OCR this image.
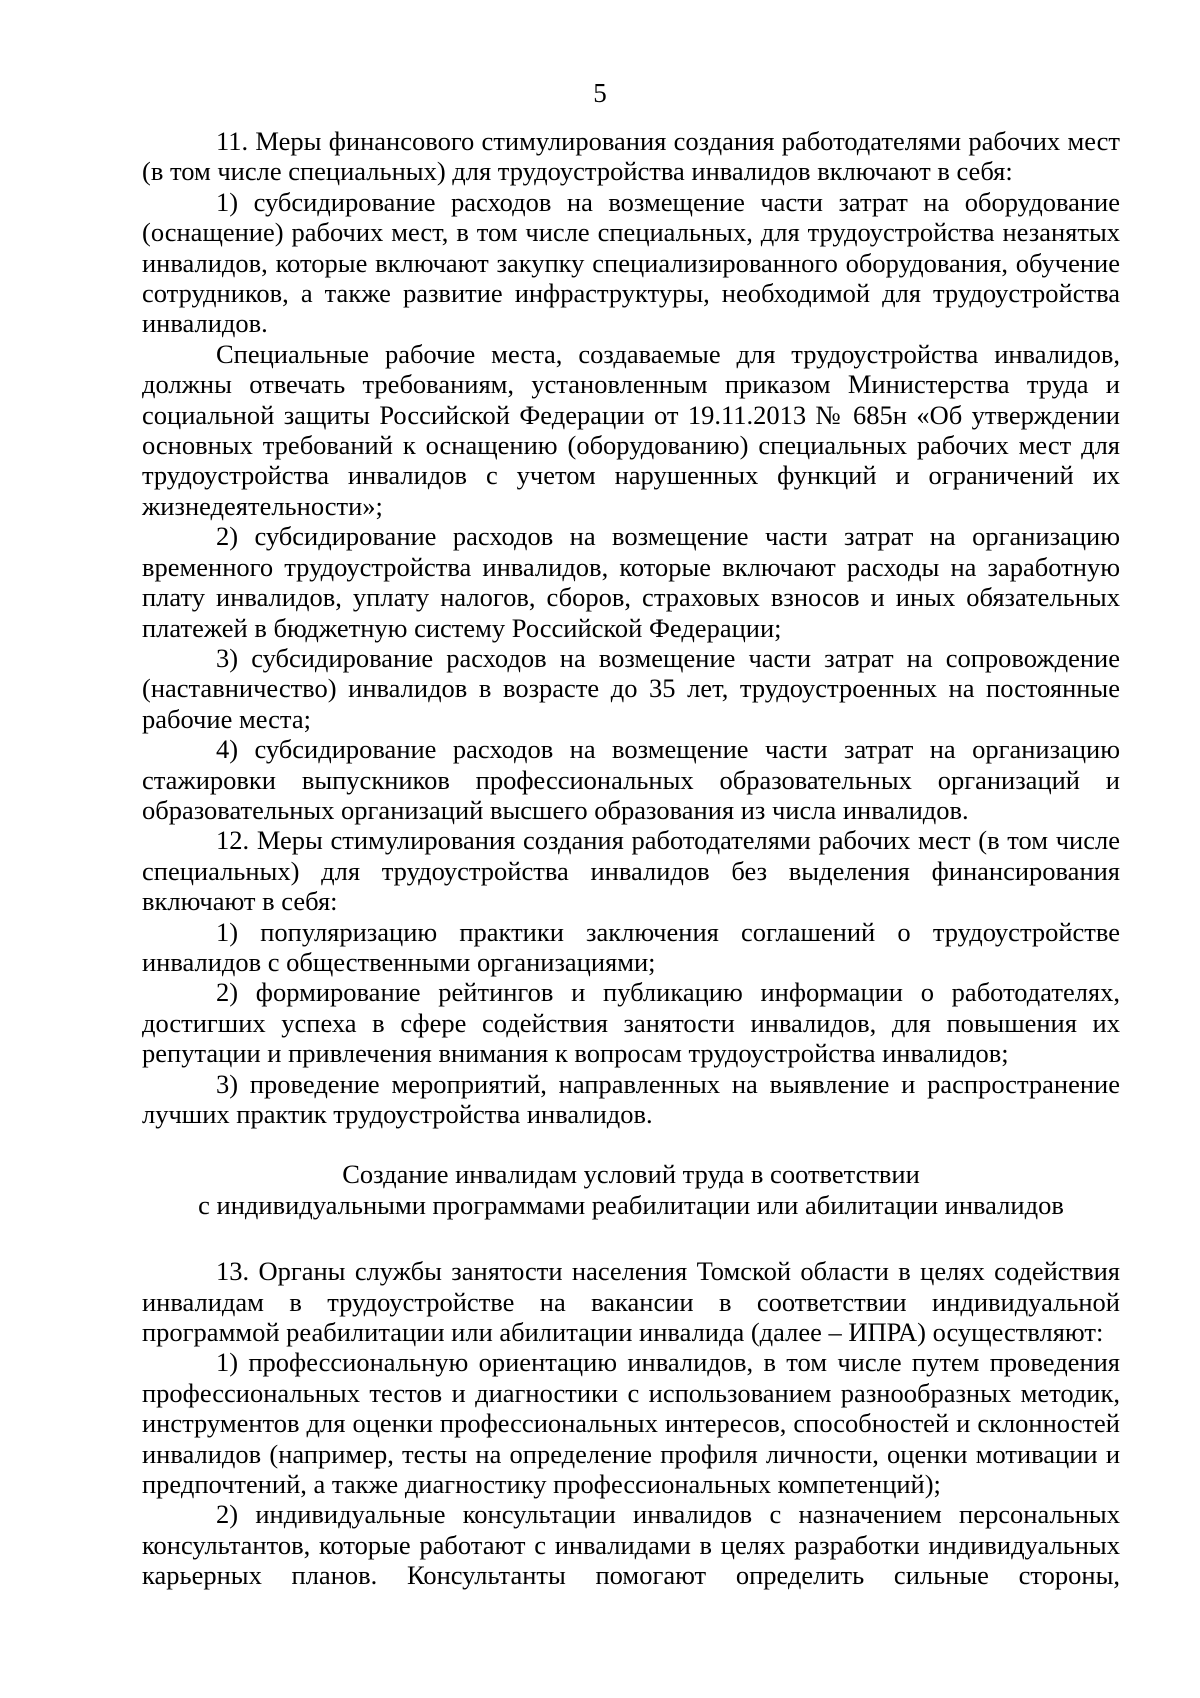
5

11. Меры финансового стимулирования создания работодателями рабочих мест (в том числе специальных) для трудоустройства инвалидов включают в себя:

1) субсидирование расходов на возмещение части затрат на оборудование (оснащение) рабочих мест, в том числе специальных, для трудоустройства незанятых инвалидов, которые включают закупку специализированного оборудования, обучение сотрудников, а также развитие инфраструктуры, необходимой для трудоустройства инвалидов.

Специальные рабочие места, создаваемые для трудоустройства инвалидов, должны отвечать требованиям, установленным приказом Министерства труда и социальной защиты Российской Федерации от 19.11.2013 № 685н «Об утверждении основных требований к оснащению (оборудованию) специальных рабочих мест для трудоустройства инвалидов с учетом нарушенных функций и ограничений их жизнедеятельности»;

2) субсидирование расходов на возмещение части затрат на организацию временного трудоустройства инвалидов, которые включают расходы на заработную плату инвалидов, уплату налогов, сборов, страховых взносов и иных обязательных платежей в бюджетную систему Российской Федерации;

3) субсидирование расходов на возмещение части затрат на сопровождение (наставничество) инвалидов в возрасте до 35 лет, трудоустроенных на постоянные рабочие места;

4) субсидирование расходов на возмещение части затрат на организацию стажировки выпускников профессиональных образовательных организаций и образовательных организаций высшего образования из числа инвалидов.

12. Меры стимулирования создания работодателями рабочих мест (в том числе специальных) для трудоустройства инвалидов без выделения финансирования включают в себя:

1) популяризацию практики заключения соглашений о трудоустройстве инвалидов с общественными организациями;

2) формирование рейтингов и публикацию информации о работодателях, достигших успеха в сфере содействия занятости инвалидов, для повышения их репутации и привлечения внимания к вопросам трудоустройства инвалидов;

3) проведение мероприятий, направленных на выявление и распространение лучших практик трудоустройства инвалидов.

Создание инвалидам условий труда в соответствии
с индивидуальными программами реабилитации или абилитации инвалидов

13. Органы службы занятости населения Томской области в целях содействия инвалидам в трудоустройстве на вакансии в соответствии индивидуальной программой реабилитации или абилитации инвалида (далее – ИПРА) осуществляют:

1) профессиональную ориентацию инвалидов, в том числе путем проведения профессиональных тестов и диагностики с использованием разнообразных методик, инструментов для оценки профессиональных интересов, способностей и склонностей инвалидов (например, тесты на определение профиля личности, оценки мотивации и предпочтений, а также диагностику профессиональных компетенций);

2) индивидуальные консультации инвалидов с назначением персональных консультантов, которые работают с инвалидами в целях разработки индивидуальных карьерных планов. Консультанты помогают определить сильные стороны,
